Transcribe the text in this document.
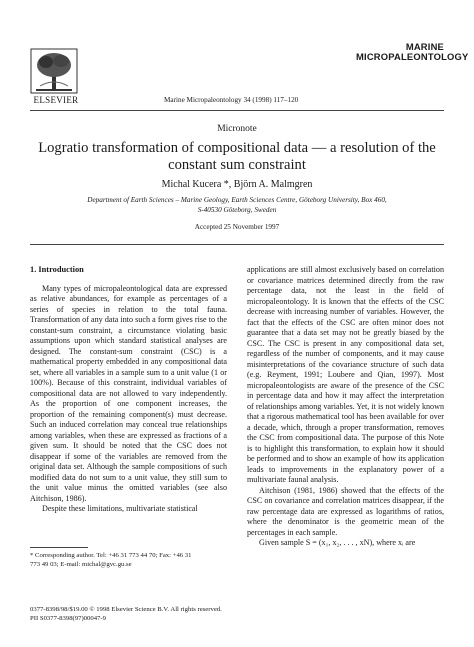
ELSEVIER	Marine Micropaleontology 34 (1998) 117–120
MARINE
MICROPALEONTOLOGY
Micronote
Logratio transformation of compositional data — a resolution of the
constant sum constraint
Michal Kucera *, Björn A. Malmgren
Department of Earth Sciences – Marine Geology, Earth Sciences Centre, Göteborg University, Box 460,
S-40530 Göteborg, Sweden
Accepted 25 November 1997
1. Introduction

Many types of micropaleontological data are expressed as relative abundances, for example as percentages of a series of species in relation to the total fauna. Transformation of any data into such a form gives rise to the constant-sum constraint, a circumstance violating basic assumptions upon which standard statistical analyses are designed. The constant-sum constraint (CSC) is a mathematical property embedded in any compositional data set, where all variables in a sample sum to a unit value (1 or 100%). Because of this constraint, individual variables of compositional data are not allowed to vary independently. As the proportion of one component increases, the proportion of the remaining component(s) must decrease. Such an induced correlation may conceal true relationships among variables, when these are expressed as fractions of a given sum. It should be noted that the CSC does not disappear if some of the variables are removed from the original data set. Although the sample compositions of such modified data do not sum to a unit value, they still sum to the unit value minus the omitted variables (see also Aitchison, 1986).

Despite these limitations, multivariate statistical

applications are still almost exclusively based on correlation or covariance matrices determined directly from the raw percentage data, not the least in the field of micropaleontology. It is known that the effects of the CSC decrease with increasing number of variables. However, the fact that the effects of the CSC are often minor does not guarantee that a data set may not be greatly biased by the CSC. The CSC is present in any compositional data set, regardless of the number of components, and it may cause misinterpretations of the covariance structure of such data (e.g. Reyment, 1991; Loubere and Qian, 1997). Most micropaleontologists are aware of the presence of the CSC in percentage data and how it may affect the interpretation of relationships among variables. Yet, it is not widely known that a rigorous mathematical tool has been available for over a decade, which, through a proper transformation, removes the CSC from compositional data. The purpose of this Note is to highlight this transformation, to explain how it should be performed and to show an example of how its application leads to improvements in the explanatory power of a multivariate faunal analysis.

Aitchison (1981, 1986) showed that the effects of the CSC on covariance and correlation matrices disappear, if the raw percentage data are expressed as logarithms of ratios, where the denominator is the geometric mean of the percentages in each sample.

Given sample S = (x₁, x₂, . . . , xN), where xᵢ are

* Corresponding author. Tel: +46 31 773 44 70; Fax: +46 31
773 49 03; E-mail: michal@gvc.gu.se
0377-8398/98/$19.00 © 1998 Elsevier Science B.V. All rights reserved.
PII S0377-8398(97)00047-9
